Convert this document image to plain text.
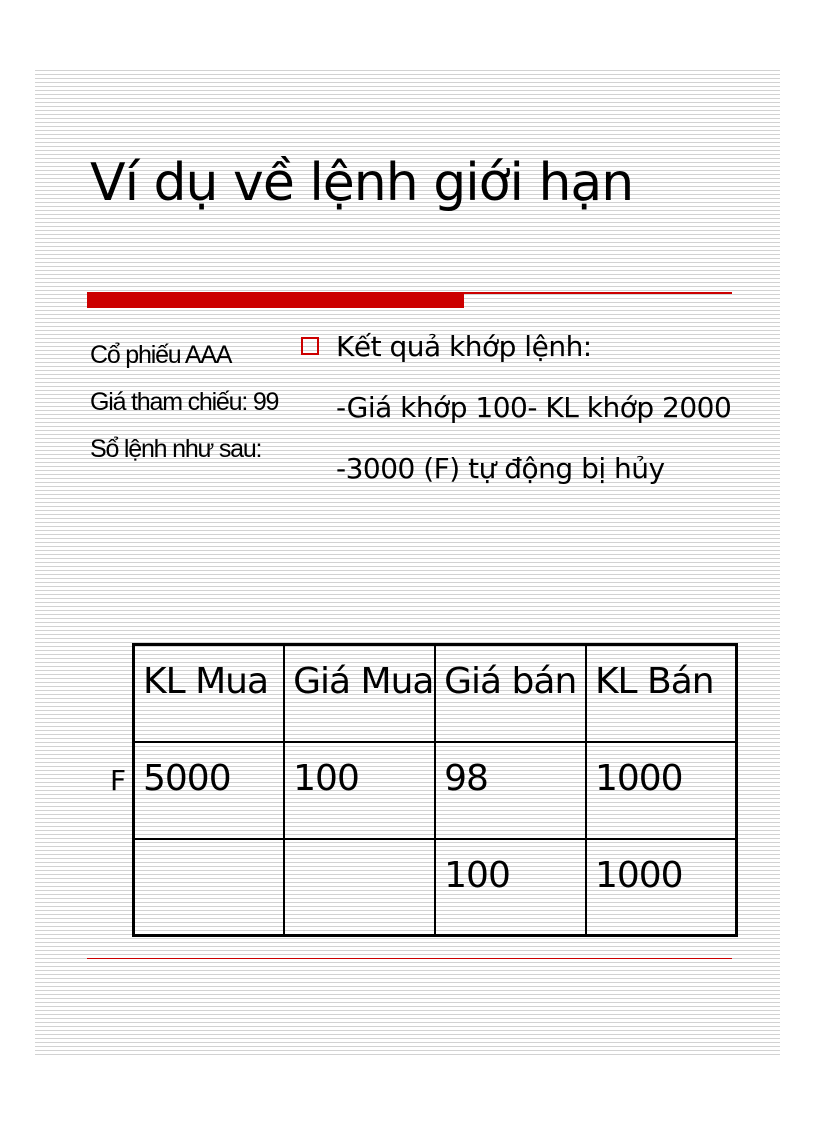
Ví dụ về lệnh giới hạn
Cổ phiếu AAA
Giá tham chiếu: 99
Sổ lệnh như sau:
Kết quả khớp lệnh:
-Giá khớp 100- KL khớp 2000
-3000 (F) tự động bị hủy
F
KL Mua	Giá Mua	Giá bán	KL Bán
5000	100	98	1000
		100	1000
